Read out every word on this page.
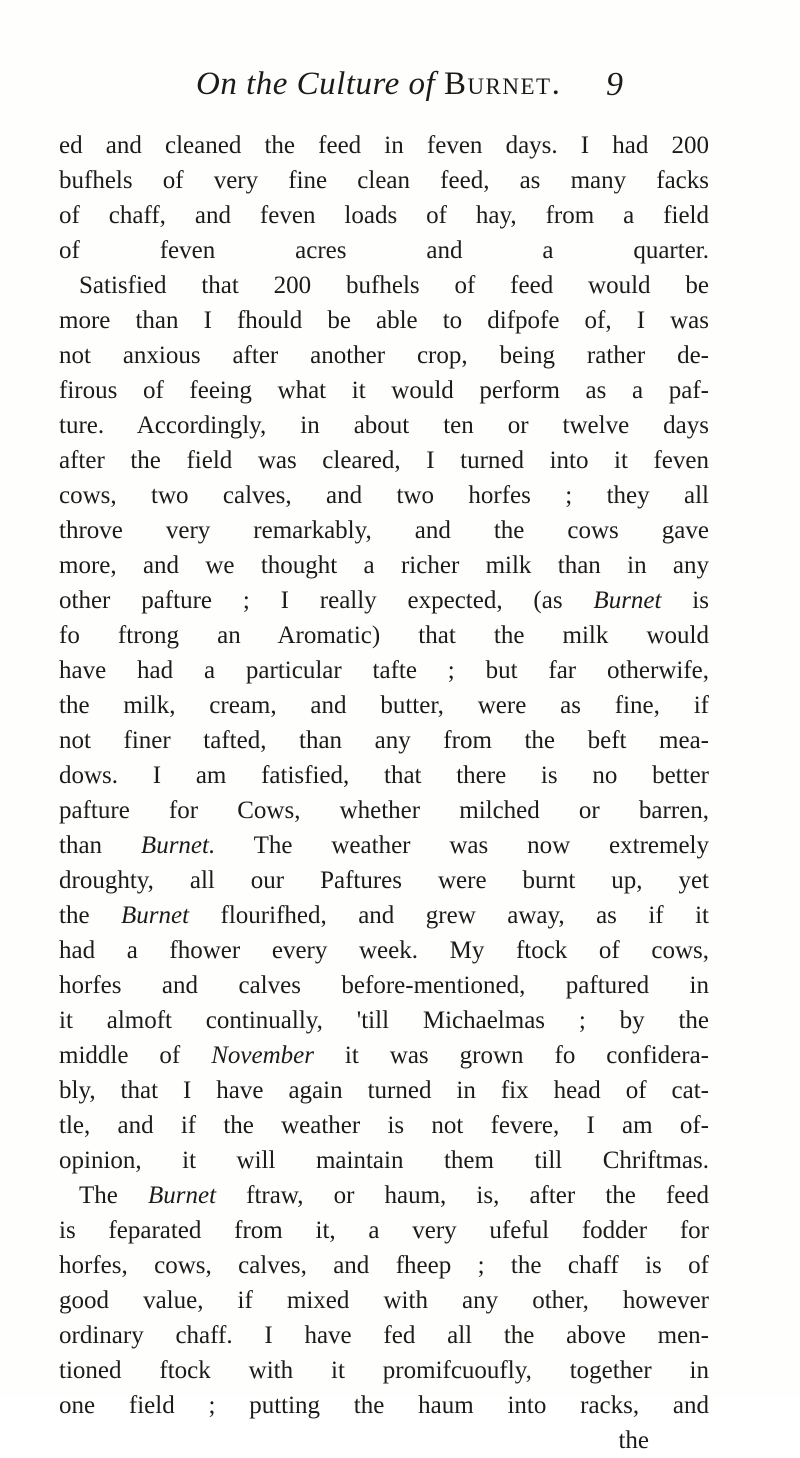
On the Culture of Burnet. 9
ed and cleaned the feed in feven days. I had 200
bufhels of very fine clean feed, as many facks
of chaff, and feven loads of hay, from a field
of feven acres and a quarter.
Satisfied that 200 bufhels of feed would be
more than I fhould be able to difpofe of, I was
not anxious after another crop, being rather de-
firous of feeing what it would perform as a paf-
ture. Accordingly, in about ten or twelve days
after the field was cleared, I turned into it feven
cows, two calves, and two horfes ; they all
throve very remarkably, and the cows gave
more, and we thought a richer milk than in any
other pafture ; I really expected, (as Burnet is
fo ftrong an Aromatic) that the milk would
have had a particular tafte ; but far otherwife,
the milk, cream, and butter, were as fine, if
not finer tafted, than any from the beft mea-
dows. I am fatisfied, that there is no better
pafture for Cows, whether milched or barren,
than Burnet. The weather was now extremely
droughty, all our Paftures were burnt up, yet
the Burnet flourifhed, and grew away, as if it
had a fhower every week. My ftock of cows,
horfes and calves before-mentioned, paftured in
it almoft continually, 'till Michaelmas ; by the
middle of November it was grown fo confidera-
bly, that I have again turned in fix head of cat-
tle, and if the weather is not fevere, I am of-
opinion, it will maintain them till Chriftmas.
The Burnet ftraw, or haum, is, after the feed
is feparated from it, a very ufeful fodder for
horfes, cows, calves, and fheep ; the chaff is of
good value, if mixed with any other, however
ordinary chaff. I have fed all the above men-
tioned ftock with it promifcuoufly, together in
one field ; putting the haum into racks, and
the
